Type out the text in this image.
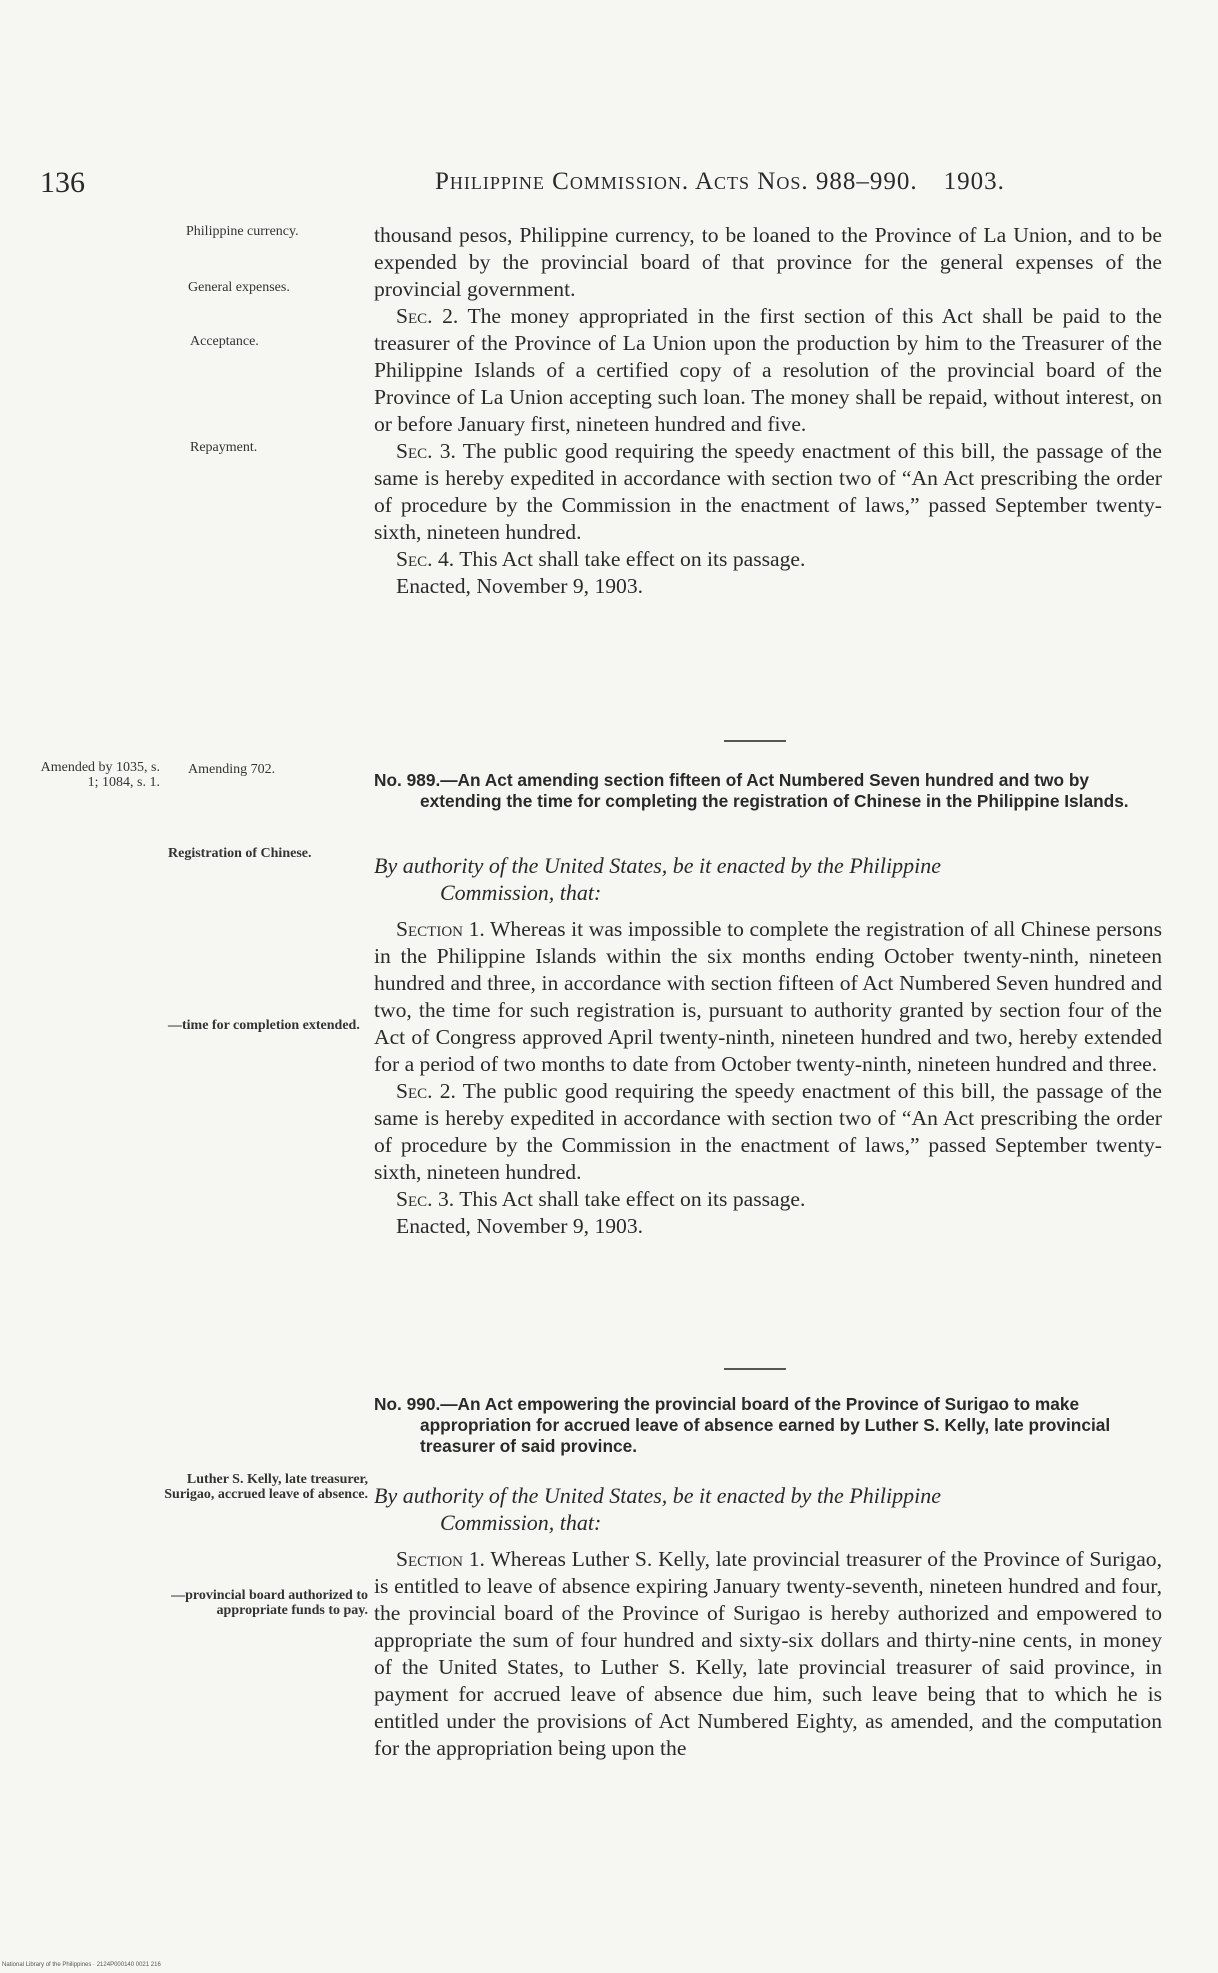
136	Philippine Commission. Acts Nos. 988–990. 1903.
Philippine currency.
General expenses.
Acceptance.
Repayment.

thousand pesos, Philippine currency, to be loaned to the Province of La Union, and to be expended by the provincial board of that province for the general expenses of the provincial government.

Sec. 2. The money appropriated in the first section of this Act shall be paid to the treasurer of the Province of La Union upon the production by him to the Treasurer of the Philippine Islands of a certified copy of a resolution of the provincial board of the Province of La Union accepting such loan. The money shall be repaid, without interest, on or before January first, nineteen hundred and five.

Sec. 3. The public good requiring the speedy enactment of this bill, the passage of the same is hereby expedited in accordance with section two of “An Act prescribing the order of procedure by the Commission in the enactment of laws,” passed September twenty-sixth, nineteen hundred.

Sec. 4. This Act shall take effect on its passage.

Enacted, November 9, 1903.

Amended by 1035, s. 1; 1084, s. 1.
Amending 702.
No. 989.—An Act amending section fifteen of Act Numbered Seven hundred and two by extending the time for completing the registration of Chinese in the Philippine Islands.
Registration of Chinese.	By authority of the United States, be it enacted by the Philippine
Commission, that:
—time for completion extended.

Section 1. Whereas it was impossible to complete the registration of all Chinese persons in the Philippine Islands within the six months ending October twenty-ninth, nineteen hundred and three, in accordance with section fifteen of Act Numbered Seven hundred and two, the time for such registration is, pursuant to authority granted by section four of the Act of Congress approved April twenty-ninth, nineteen hundred and two, hereby extended for a period of two months to date from October twenty-ninth, nineteen hundred and three.

Sec. 2. The public good requiring the speedy enactment of this bill, the passage of the same is hereby expedited in accordance with section two of “An Act prescribing the order of procedure by the Commission in the enactment of laws,” passed September twenty-sixth, nineteen hundred.

Sec. 3. This Act shall take effect on its passage.

Enacted, November 9, 1903.

No. 990.—An Act empowering the provincial board of the Province of Surigao to make appropriation for accrued leave of absence earned by Luther S. Kelly, late provincial treasurer of said province.
Luther S. Kelly, late treasurer, Surigao, accrued leave of absence. By authority of the United States, be it enacted by the Philippine
Commission, that:
—provincial board authorized to appropriate funds to pay.

Section 1. Whereas Luther S. Kelly, late provincial treasurer of the Province of Surigao, is entitled to leave of absence expiring January twenty-seventh, nineteen hundred and four, the provincial board of the Province of Surigao is hereby authorized and empowered to appropriate the sum of four hundred and sixty-six dollars and thirty-nine cents, in money of the United States, to Luther S. Kelly, late provincial treasurer of said province, in payment for accrued leave of absence due him, such leave being that to which he is entitled under the provisions of Act Numbered Eighty, as amended, and the computation for the appropriation being upon the

National Library of the Philippines · 2124P000140 0021 216
